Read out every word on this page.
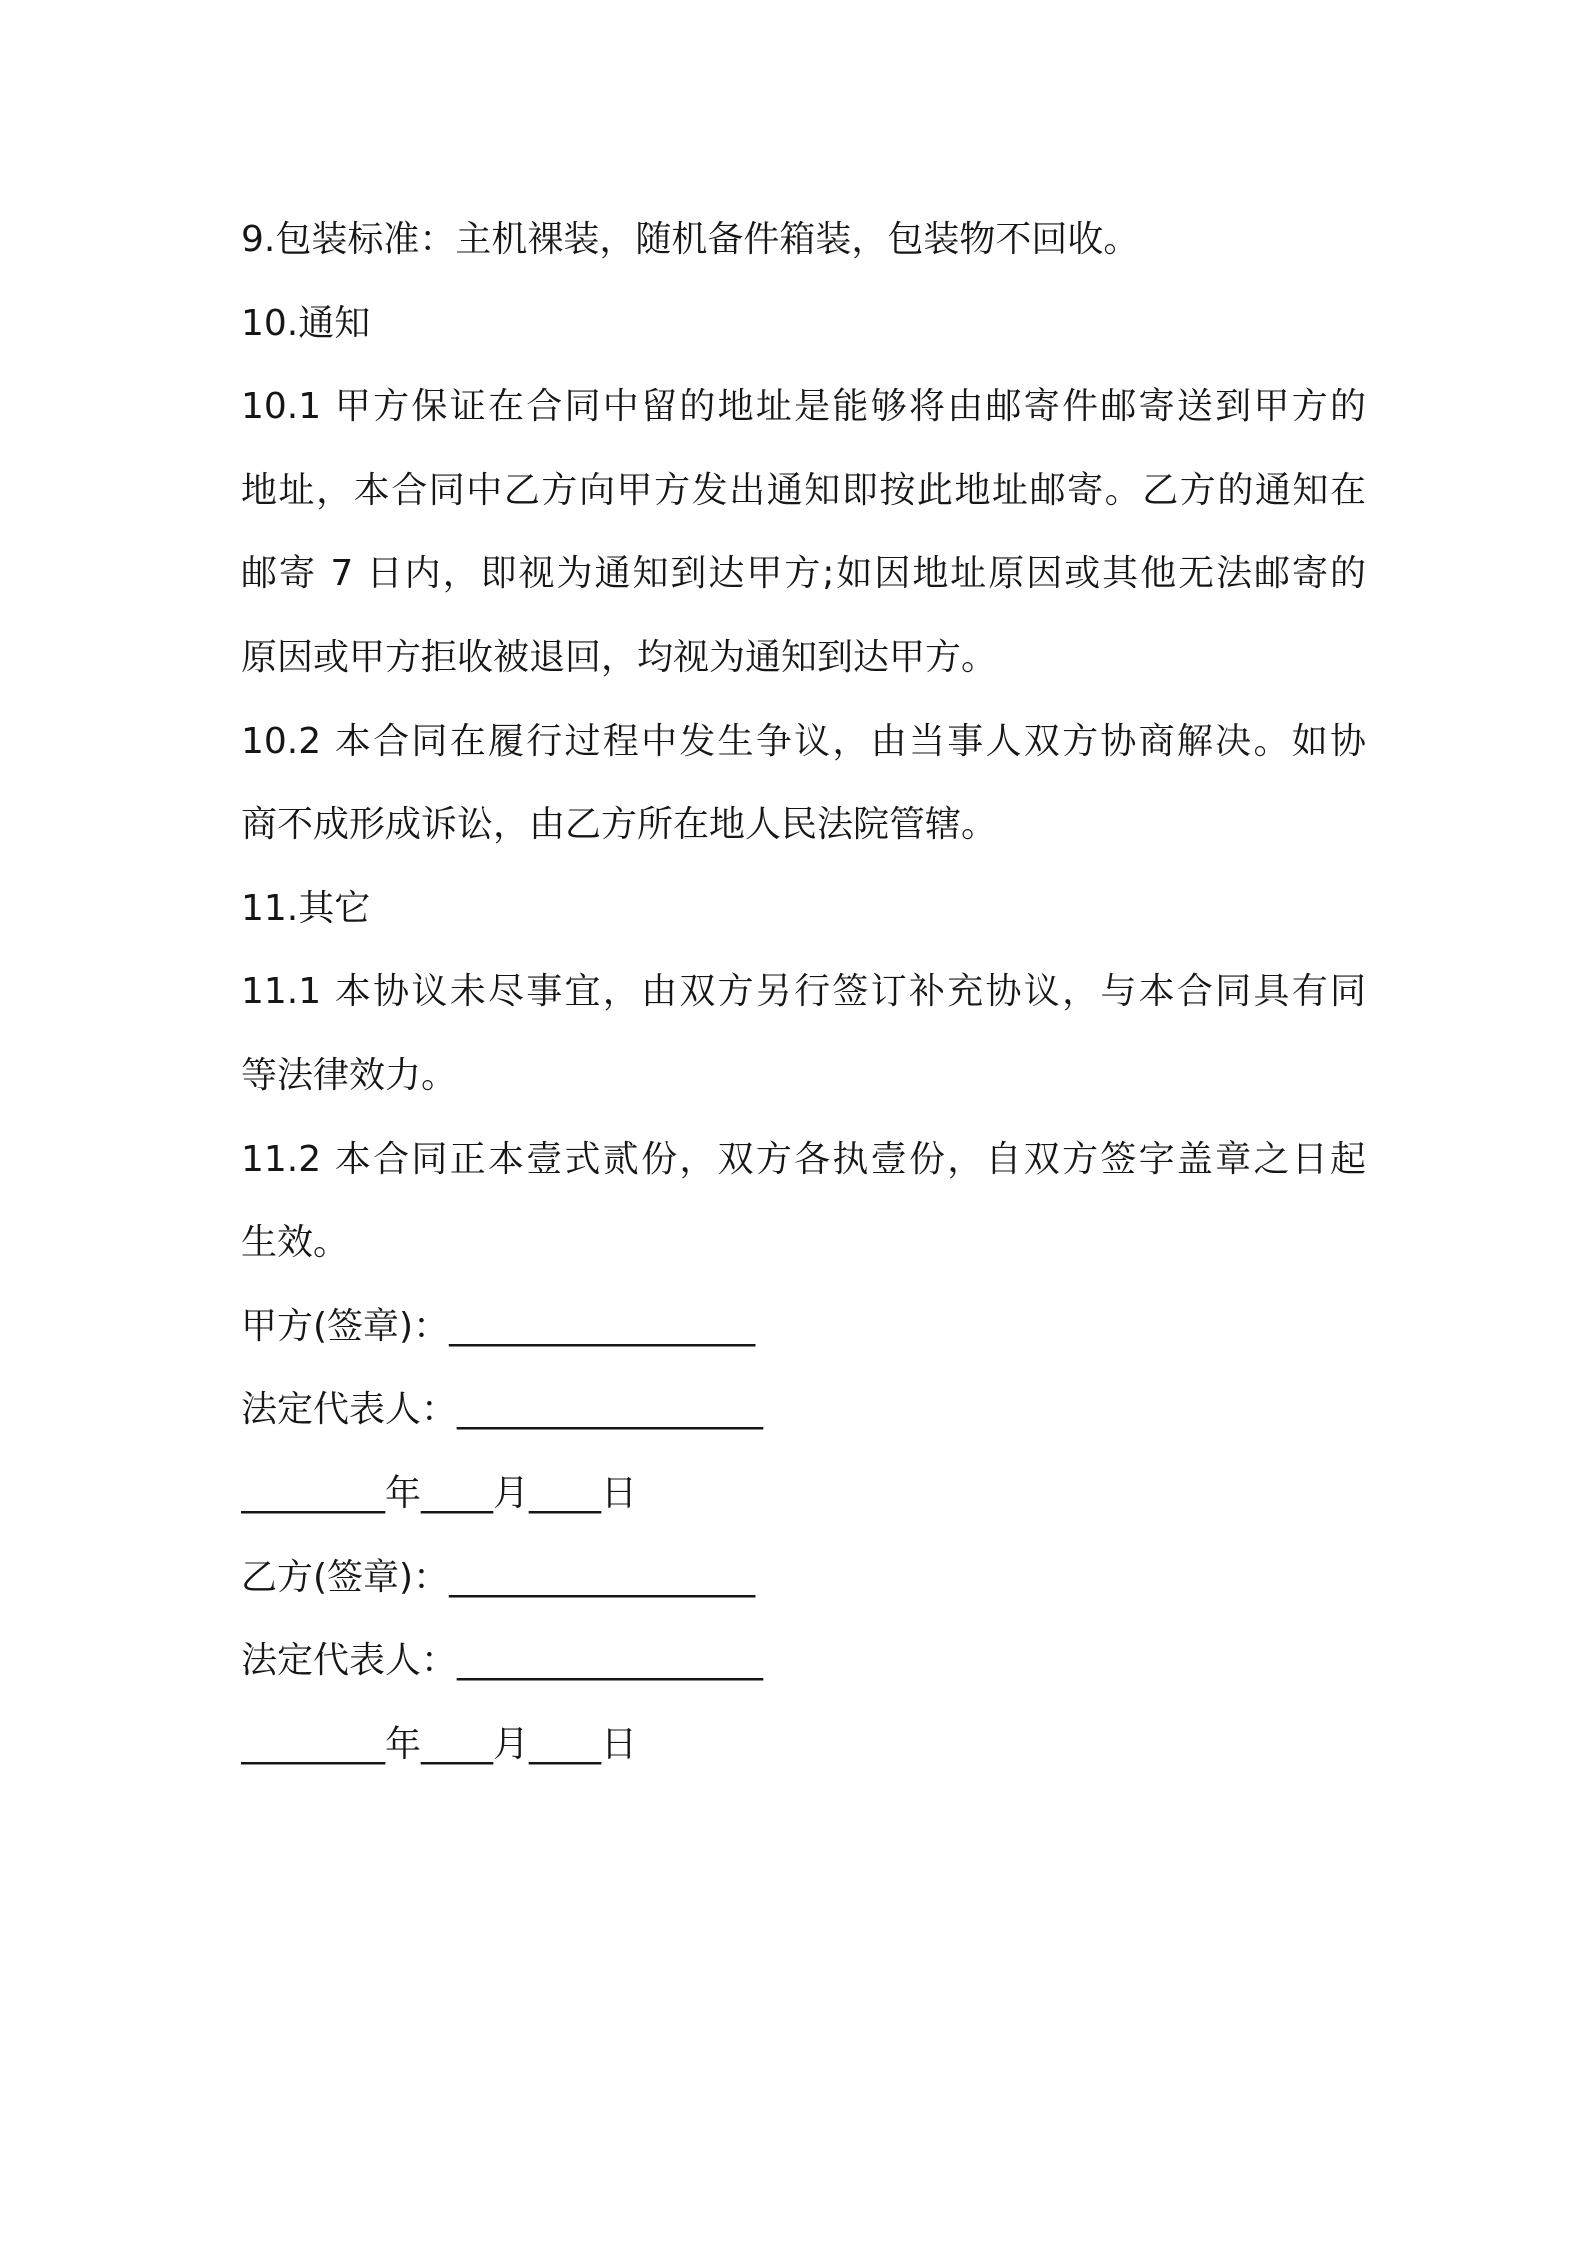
9.包装标准：主机裸装，随机备件箱装，包装物不回收。
10.通知
10.1 甲方保证在合同中留的地址是能够将由邮寄件邮寄送到甲方的
地址，本合同中乙方向甲方发出通知即按此地址邮寄。乙方的通知在
邮寄 7 日内，即视为通知到达甲方;如因地址原因或其他无法邮寄的
原因或甲方拒收被退回，均视为通知到达甲方。
10.2 本合同在履行过程中发生争议，由当事人双方协商解决。如协
商不成形成诉讼，由乙方所在地人民法院管辖。
11.其它
11.1 本协议未尽事宜，由双方另行签订补充协议，与本合同具有同
等法律效力。
11.2 本合同正本壹式贰份，双方各执壹份，自双方签字盖章之日起
生效。
甲方(签章)：_________________
法定代表人：_________________
________年____月____日
乙方(签章)：_________________
法定代表人：_________________
________年____月____日
